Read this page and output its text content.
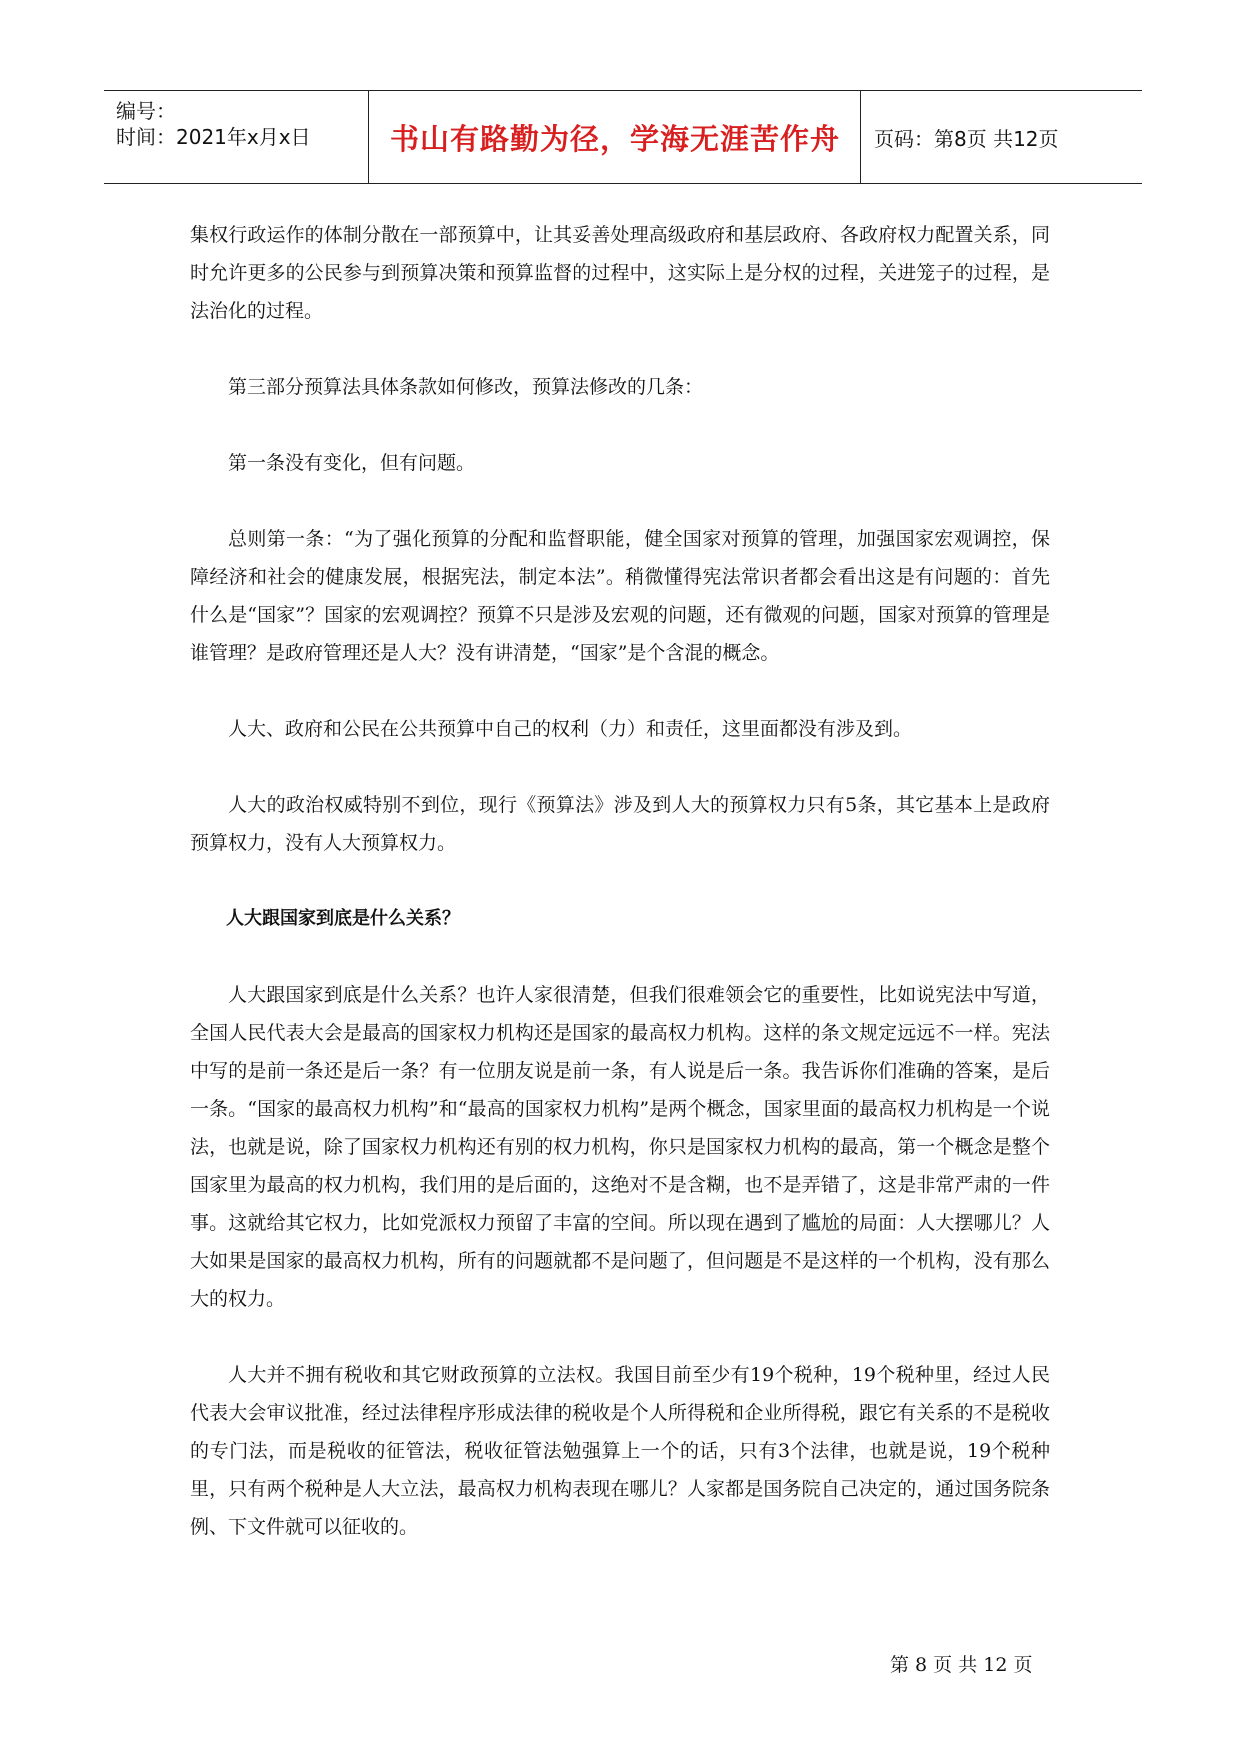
编号：
时间：2021年x月x日	书山有路勤为径，学海无涯苦作舟 页码：第8页 共12页

集权行政运作的体制分散在一部预算中，让其妥善处理高级政府和基层政府、各政府权力配置关系，同时允许更多的公民参与到预算决策和预算监督的过程中，这实际上是分权的过程，关进笼子的过程，是法治化的过程。

第三部分预算法具体条款如何修改，预算法修改的几条：

第一条没有变化，但有问题。

总则第一条：“为了强化预算的分配和监督职能，健全国家对预算的管理，加强国家宏观调控，保障经济和社会的健康发展，根据宪法，制定本法”。稍微懂得宪法常识者都会看出这是有问题的：首先什么是“国家”？国家的宏观调控？预算不只是涉及宏观的问题，还有微观的问题，国家对预算的管理是谁管理？是政府管理还是人大？没有讲清楚，“国家”是个含混的概念。

人大、政府和公民在公共预算中自己的权利（力）和责任，这里面都没有涉及到。

人大的政治权威特别不到位，现行《预算法》涉及到人大的预算权力只有5条，其它基本上是政府预算权力，没有人大预算权力。

人大跟国家到底是什么关系？

人大跟国家到底是什么关系？也许人家很清楚，但我们很难领会它的重要性，比如说宪法中写道，全国人民代表大会是最高的国家权力机构还是国家的最高权力机构。这样的条文规定远远不一样。宪法中写的是前一条还是后一条？有一位朋友说是前一条，有人说是后一条。我告诉你们准确的答案，是后一条。“国家的最高权力机构”和“最高的国家权力机构”是两个概念，国家里面的最高权力机构是一个说法，也就是说，除了国家权力机构还有别的权力机构，你只是国家权力机构的最高，第一个概念是整个国家里为最高的权力机构，我们用的是后面的，这绝对不是含糊，也不是弄错了，这是非常严肃的一件事。这就给其它权力，比如党派权力预留了丰富的空间。所以现在遇到了尴尬的局面：人大摆哪儿？人大如果是国家的最高权力机构，所有的问题就都不是问题了，但问题是不是这样的一个机构，没有那么大的权力。

人大并不拥有税收和其它财政预算的立法权。我国目前至少有19个税种，19个税种里，经过人民代表大会审议批准，经过法律程序形成法律的税收是个人所得税和企业所得税，跟它有关系的不是税收的专门法，而是税收的征管法，税收征管法勉强算上一个的话，只有3个法律，也就是说，19个税种里，只有两个税种是人大立法，最高权力机构表现在哪儿？人家都是国务院自己决定的，通过国务院条例、下文件就可以征收的。

第 8 页 共 12 页
